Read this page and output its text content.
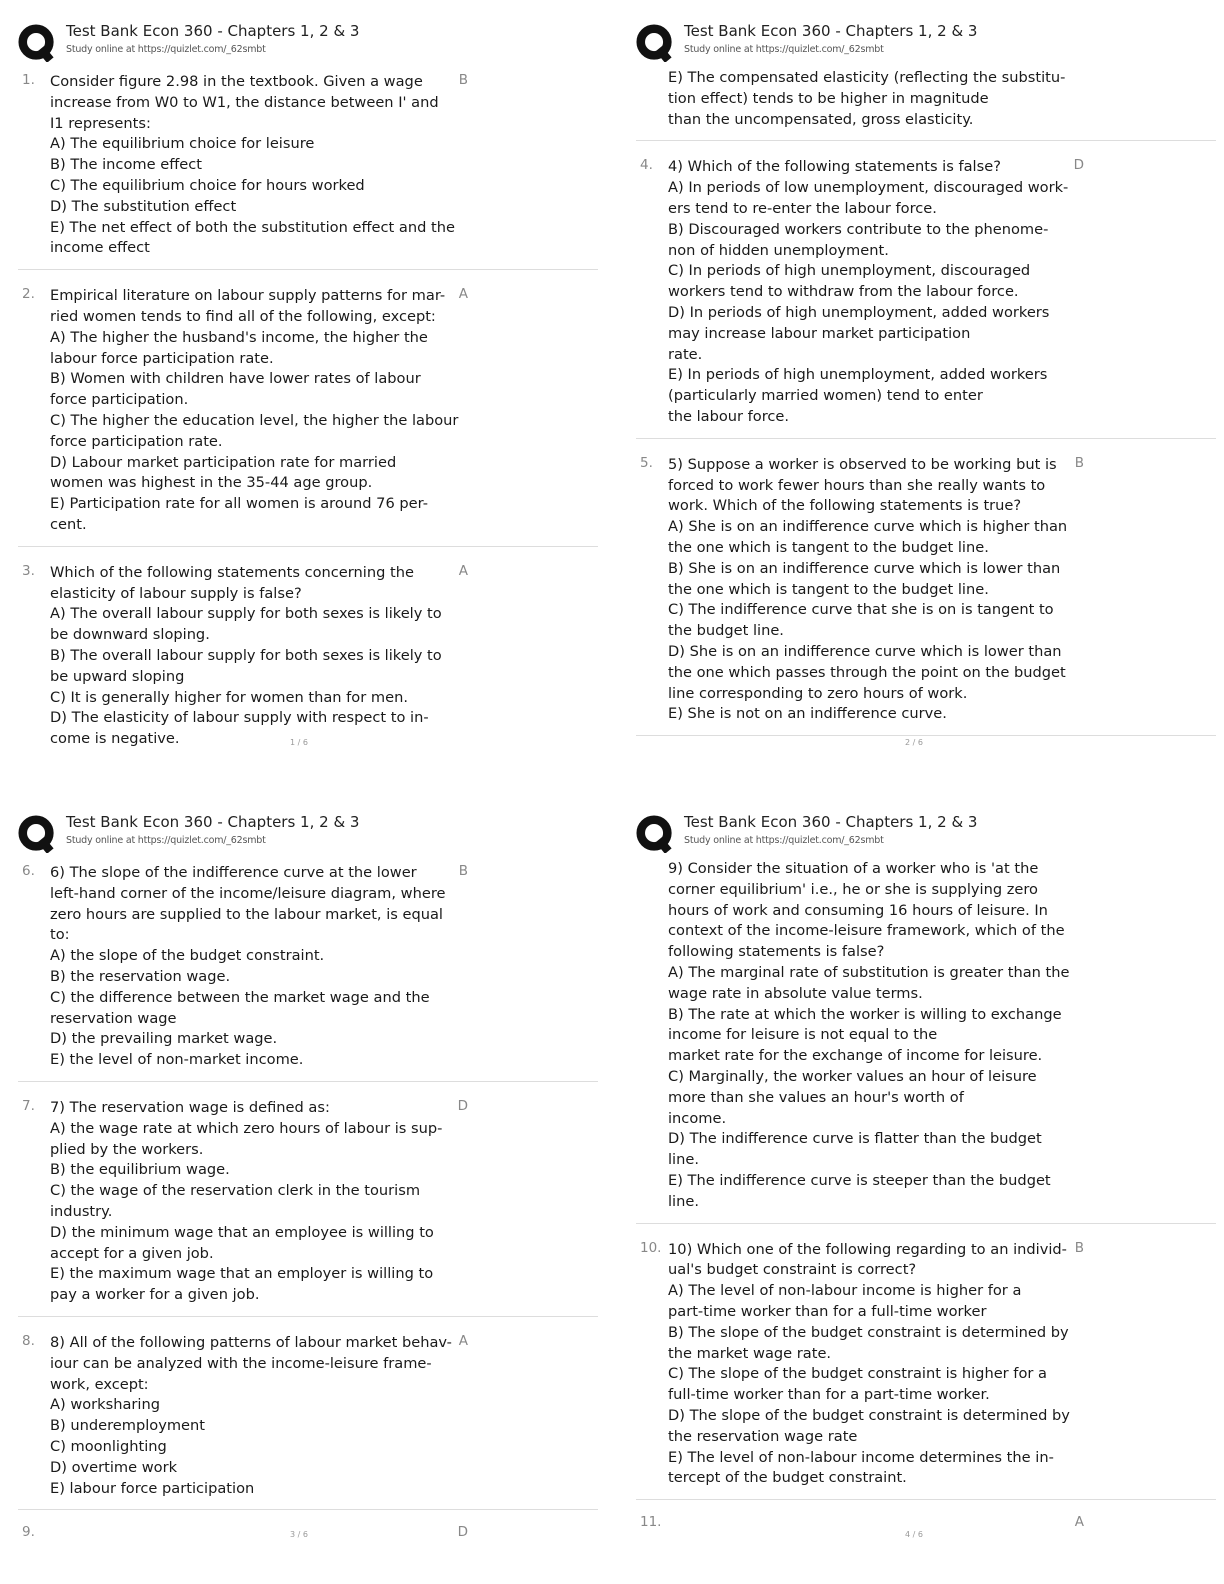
Test Bank Econ 360 - Chapters 1, 2 & 3
Study online at https://quizlet.com/_62smbt
1.	B
Consider figure 2.98 in the textbook. Given a wage
increase from W0 to W1, the distance between I' and
I1 represents:
A) The equilibrium choice for leisure
B) The income effect
C) The equilibrium choice for hours worked
D) The substitution effect
E) The net effect of both the substitution effect and the
income effect
2.	A
Empirical literature on labour supply patterns for mar-
ried women tends to find all of the following, except:
A) The higher the husband's income, the higher the
labour force participation rate.
B) Women with children have lower rates of labour
force participation.
C) The higher the education level, the higher the labour
force participation rate.
D) Labour market participation rate for married
women was highest in the 35-44 age group.
E) Participation rate for all women is around 76 per-
cent.
3.	A
Which of the following statements concerning the
elasticity of labour supply is false?
A) The overall labour supply for both sexes is likely to
be downward sloping.
B) The overall labour supply for both sexes is likely to
be upward sloping
C) It is generally higher for women than for men.
D) The elasticity of labour supply with respect to in-
come is negative.	1 / 6
Test Bank Econ 360 - Chapters 1, 2 & 3
Study online at https://quizlet.com/_62smbt
E) The compensated elasticity (reflecting the substitu-
tion effect) tends to be higher in magnitude
than the uncompensated, gross elasticity.
4.	D
4) Which of the following statements is false?
A) In periods of low unemployment, discouraged work-
ers tend to re-enter the labour force.
B) Discouraged workers contribute to the phenome-
non of hidden unemployment.
C) In periods of high unemployment, discouraged
workers tend to withdraw from the labour force.
D) In periods of high unemployment, added workers
may increase labour market participation
rate.
E) In periods of high unemployment, added workers
(particularly married women) tend to enter
the labour force.
5.	B
5) Suppose a worker is observed to be working but is
forced to work fewer hours than she really wants to
work. Which of the following statements is true?
A) She is on an indifference curve which is higher than
the one which is tangent to the budget line.
B) She is on an indifference curve which is lower than
the one which is tangent to the budget line.
C) The indifference curve that she is on is tangent to
the budget line.
D) She is on an indifference curve which is lower than
the one which passes through the point on the budget
line corresponding to zero hours of work.
E) She is not on an indifference curve.
2 / 6
Test Bank Econ 360 - Chapters 1, 2 & 3
Study online at https://quizlet.com/_62smbt
6.	B
6) The slope of the indifference curve at the lower
left-hand corner of the income/leisure diagram, where
zero hours are supplied to the labour market, is equal
to:
A) the slope of the budget constraint.
B) the reservation wage.
C) the difference between the market wage and the
reservation wage
D) the prevailing market wage.
E) the level of non-market income.
7.	D
7) The reservation wage is defined as:
A) the wage rate at which zero hours of labour is sup-
plied by the workers.
B) the equilibrium wage.
C) the wage of the reservation clerk in the tourism
industry.
D) the minimum wage that an employee is willing to
accept for a given job.
E) the maximum wage that an employer is willing to
pay a worker for a given job.
8.	A
8) All of the following patterns of labour market behav-
iour can be analyzed with the income-leisure frame-
work, except:
A) worksharing
B) underemployment
C) moonlighting
D) overtime work
E) labour force participation
9.	D
3 / 6
Test Bank Econ 360 - Chapters 1, 2 & 3
Study online at https://quizlet.com/_62smbt
9) Consider the situation of a worker who is 'at the
corner equilibrium' i.e., he or she is supplying zero
hours of work and consuming 16 hours of leisure. In
context of the income-leisure framework, which of the
following statements is false?
A) The marginal rate of substitution is greater than the
wage rate in absolute value terms.
B) The rate at which the worker is willing to exchange
income for leisure is not equal to the
market rate for the exchange of income for leisure.
C) Marginally, the worker values an hour of leisure
more than she values an hour's worth of
income.
D) The indifference curve is flatter than the budget
line.
E) The indifference curve is steeper than the budget
line.
10.	B
10) Which one of the following regarding to an individ-
ual's budget constraint is correct?
A) The level of non-labour income is higher for a
part-time worker than for a full-time worker
B) The slope of the budget constraint is determined by
the market wage rate.
C) The slope of the budget constraint is higher for a
full-time worker than for a part-time worker.
D) The slope of the budget constraint is determined by
the reservation wage rate
E) The level of non-labour income determines the in-
tercept of the budget constraint.
11.	A
4 / 6
